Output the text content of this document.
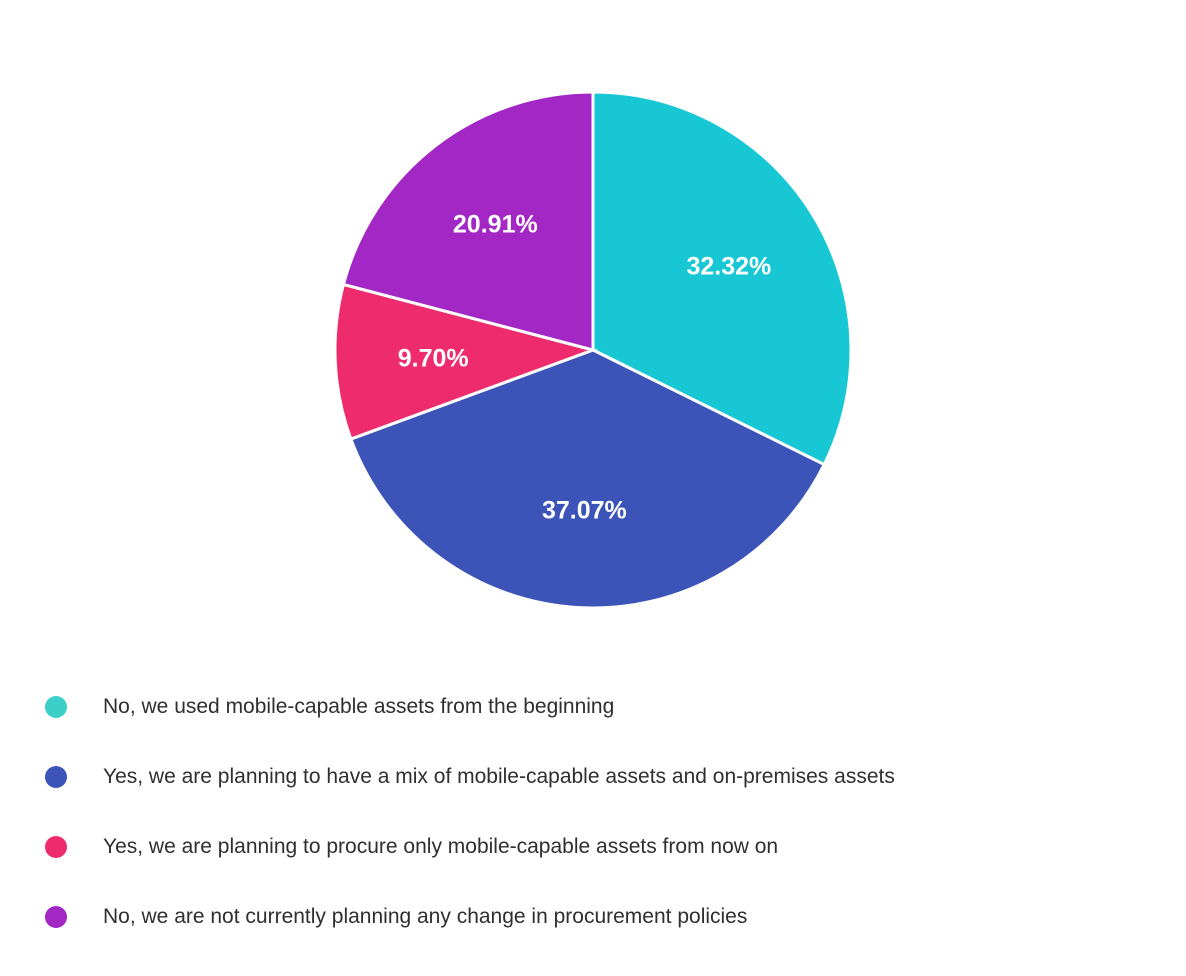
32.32%
37.07%
9.70%
20.91%
No, we used mobile-capable assets from the beginning
Yes, we are planning to have a mix of mobile-capable assets and on-premises assets
Yes, we are planning to procure only mobile-capable assets from now on
No, we are not currently planning any change in procurement policies
